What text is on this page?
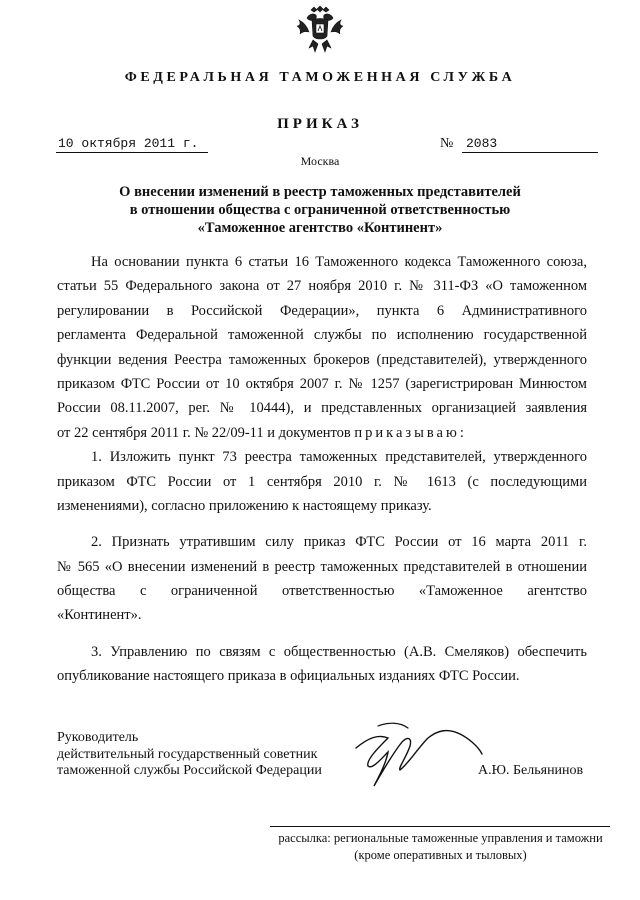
ФЕДЕРАЛЬНАЯ ТАМОЖЕННАЯ СЛУЖБА
ПРИКАЗ
10 октября 2011 г.	№ 2083
Москва
О внесении изменений в реестр таможенных представителей
в отношении общества с ограниченной ответственностью
«Таможенное агентство «Континент»
На основании пункта 6 статьи 16 Таможенного кодекса Таможенного союза,
статьи 55 Федерального закона от 27 ноября 2010 г. № 311-ФЗ «О таможенном
регулировании в Российской Федерации», пункта 6 Административного
регламента Федеральной таможенной службы по исполнению государственной
функции ведения Реестра таможенных брокеров (представителей), утвержденного
приказом ФТС России от 10 октября 2007 г. № 1257 (зарегистрирован Минюстом
России 08.11.2007, рег. № 10444), и представленных организацией заявления
от 22 сентября 2011 г. № 22/09-11 и документов приказываю:
1. Изложить пункт 73 реестра таможенных представителей, утвержденного
приказом ФТС России от 1 сентября 2010 г. № 1613 (с последующими
изменениями), согласно приложению к настоящему приказу.
2. Признать утратившим силу приказ ФТС России от 16 марта 2011 г.
№ 565 «О внесении изменений в реестр таможенных представителей в отношении
общества с ограниченной ответственностью «Таможенное агентство
«Континент».
3. Управлению по связям с общественностью (А.В. Смеляков) обеспечить
опубликование настоящего приказа в официальных изданиях ФТС России.
Руководитель
действительный государственный советник
таможенной службы Российской Федерации	А.Ю. Бельянинов
рассылка: региональные таможенные управления и таможни
(кроме оперативных и тыловых)
